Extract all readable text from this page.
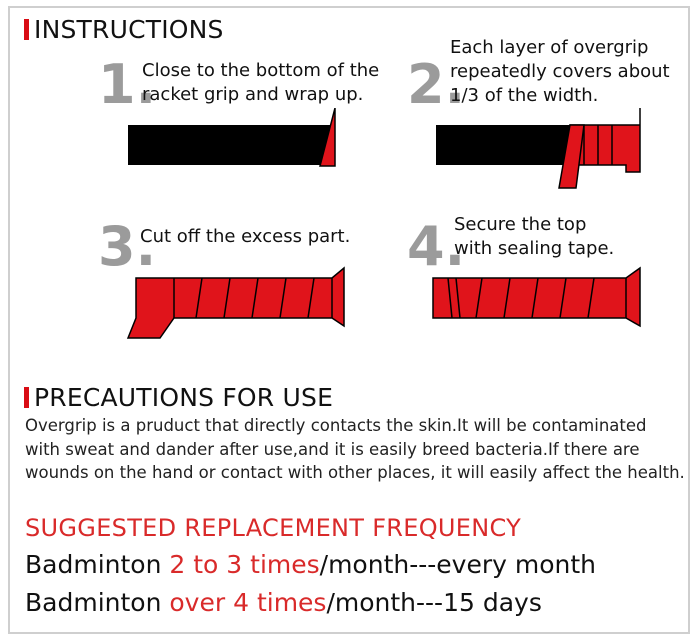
INSTRUCTIONS
1.
Close to the bottom of the
racket grip and wrap up. 2.
Each layer of overgrip
repeatedly covers about
1/3 of the width.
3.
Cut off the excess part. 4.
Secure the top
with sealing tape.
PRECAUTIONS FOR USE
Overgrip is a pruduct that directly contacts the skin.It will be contaminated with sweat and dander after use,and it is easily breed bacteria.If there are wounds on the hand or contact with other places, it will easily affect the health.
SUGGESTED REPLACEMENT FREQUENCY
Badminton 2 to 3 times/month---every month
Badminton over 4 times/month---15 days
